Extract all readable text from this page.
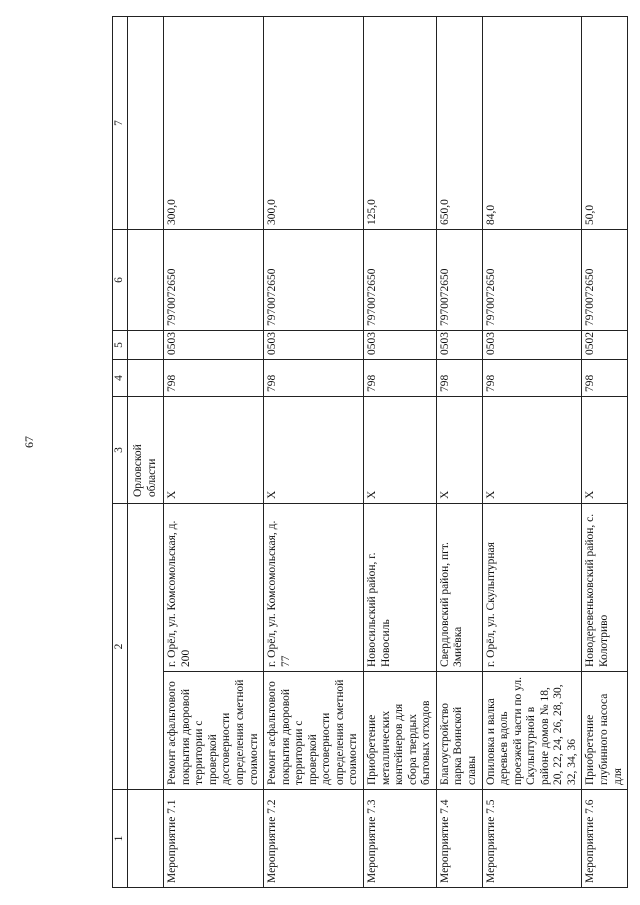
67
1	2		3	4	5	6	7
			Орловской области				
Мероприятие 7.1	Ремонт асфальтового покрытия дворовой территории с проверкой достоверности определения сметной стоимости	г. Орёл, ул. Комсомольская, д. 200	Х	798	0503	7970072650	300,0
Мероприятие 7.2	Ремонт асфальтового покрытия дворовой территории с проверкой достоверности определения сметной стоимости	г. Орёл, ул. Комсомольская, д. 77	Х	798	0503	7970072650	300,0
Мероприятие 7.3	Приобретение металлических контейнеров для сбора твердых бытовых отходов	Новосильский район, г. Новосиль	Х	798	0503	7970072650	125,0
Мероприятие 7.4	Благоустройство парка Воинской славы	Свердловский район, пгт. Змиёвка	Х	798	0503	7970072650	650,0
Мероприятие 7.5	Опиловка и валка деревьев вдоль проезжей части по ул. Скульптурной в районе домов № 18, 20, 22, 24, 26, 28, 30, 32, 34, 36	г. Орёл, ул. Скульптурная	Х	798	0503	7970072650	84,0
Мероприятие 7.6	Приобретение глубинного насоса для	Новодеревеньковский район, с. Колотриво	Х	798	0502	7970072650	50,0
